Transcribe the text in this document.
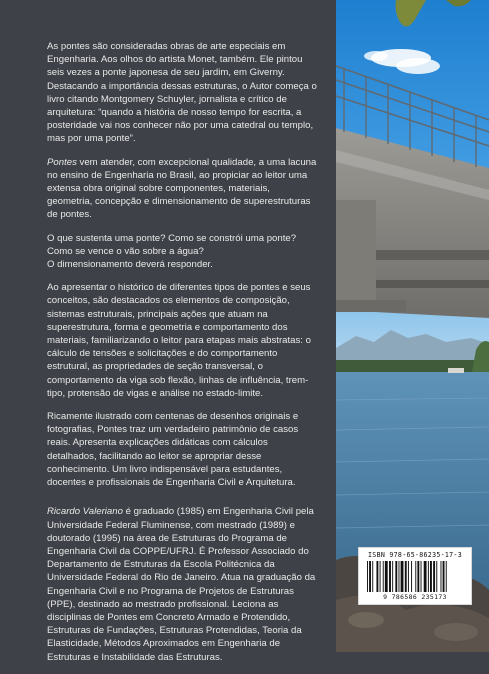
As pontes são consideradas obras de arte especiais em Engenharia. Aos olhos do artista Monet, também. Ele pintou seis vezes a ponte japonesa de seu jardim, em Giverny. Destacando a importância dessas estruturas, o Autor começa o livro citando Montgomery Schuyler, jornalista e crítico de arquitetura: “quando a história de nosso tempo for escrita, a posteridade vai nos conhecer não por uma catedral ou templo, mas por uma ponte”.

Pontes vem atender, com excepcional qualidade, a uma lacuna no ensino de Engenharia no Brasil, ao propiciar ao leitor uma extensa obra original sobre componentes, materiais, geometria, concepção e dimensionamento de superestruturas de pontes.

O que sustenta uma ponte? Como se constrói uma ponte?
Como se vence o vão sobre a água?
O dimensionamento deverá responder.

Ao apresentar o histórico de diferentes tipos de pontes e seus conceitos, são destacados os elementos de composição, sistemas estruturais, principais ações que atuam na superestrutura, forma e geometria e comportamento dos materiais, familiarizando o leitor para etapas mais abstratas: o cálculo de tensões e solicitações e do comportamento estrutural, as propriedades de seção transversal, o comportamento da viga sob flexão, linhas de influência, trem-tipo, protensão de vigas e análise no estado-limite.

Ricamente ilustrado com centenas de desenhos originais e fotografias, Pontes traz um verdadeiro patrimônio de casos reais. Apresenta explicações didáticas com cálculos detalhados, facilitando ao leitor se apropriar desse conhecimento. Um livro indispensável para estudantes, docentes e profissionais de Engenharia Civil e Arquitetura.

Ricardo Valeriano é graduado (1985) em Engenharia Civil pela Universidade Federal Fluminense, com mestrado (1989) e doutorado (1995) na área de Estruturas do Programa de Engenharia Civil da COPPE/UFRJ. É Professor Associado do Departamento de Estruturas da Escola Politécnica da Universidade Federal do Rio de Janeiro. Atua na graduação da Engenharia Civil e no Programa de Projetos de Estruturas (PPE), destinado ao mestrado profissional. Leciona as disciplinas de Pontes em Concreto Armado e Protendido, Estruturas de Fundações, Estruturas Protendidas, Teoria da Elasticidade, Métodos Aproximados em Engenharia de Estruturas e Instabilidade das Estruturas.

ISBN 978-65-86235-17-3
9 786586 235173
